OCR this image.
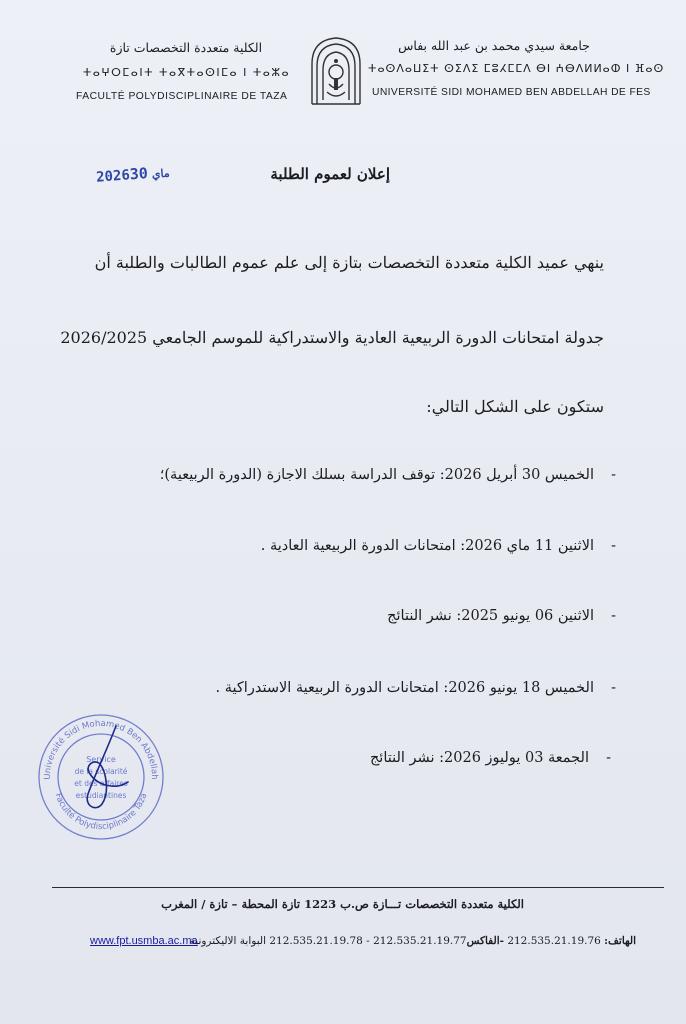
الكلية متعددة التخصصات تازة
ⵜⴰⵖⵔⵎⴰⵏⵜ ⵜⴰⴳⵜⴰⵙⵏⵎⴰ ⵏ ⵜⴰⵣⴰ
FACULTÉ POLYDISCIPLINAIRE DE TAZA
جامعة سيدي محمد بن عبد الله بفاس
ⵜⴰⵙⴷⴰⵡⵉⵜ ⵙⵉⴷⵉ ⵎⵓⵃⵎⵎⴷ ⴱⵏ ⵄⴱⴷⵍⵍⴰⵀ ⵏ ⴼⴰⵙ
UNIVERSITÉ SIDI MOHAMED BEN ABDELLAH DE FES
2026 ماي30	إعلان لعموم الطلبة
ينهي عميد الكلية متعددة التخصصات بتازة إلى علم عموم الطالبات والطلبة أن
جدولة امتحانات الدورة الربيعية العادية والاستدراكية للموسم الجامعي 2026/2025
ستكون على الشكل التالي:
-
الخميس 30 أبريل 2026: توقف الدراسة بسلك الاجازة (الدورة الربيعية)؛
-
الاثنين 11 ماي 2026: امتحانات الدورة الربيعية العادية .
-
الاثنين 06 يونيو 2025: نشر النتائج
-
الخميس 18 يونيو 2026: امتحانات الدورة الربيعية الاستدراكية .
-
الجمعة 03 يوليوز 2026: نشر النتائج
Université Sidi Mohamed Ben Abdellah
Faculté Polydisciplinaire Taza
Service
de la scolarité
et des affaires
estudiantines
الكلية متعددة التخصصات تـــازة ص.ب 1223 تازة المحطة – تازة / المغرب
الهاتف: 212.535.21.19.76 -الفاكس212.535.21.19.77 - 212.535.21.19.78 البوابة الاليكترونية
www.fpt.usmba.ac.ma
